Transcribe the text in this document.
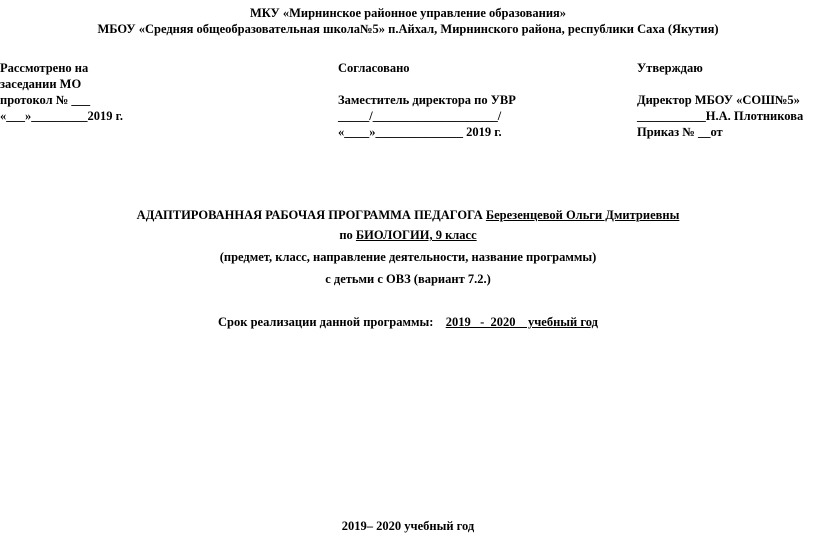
МКУ «Мирнинское районное управление образования»
МБОУ «Средняя общеобразовательная школа№5» п.Айхал, Мирнинского района, республики Саха (Якутия)
Рассмотрено на
заседании МО
протокол № ___
«___»_________2019 г.
Согласовано
Заместитель директора по УВР
_____/____________________/
«____»______________ 2019 г.
Утверждаю
Директор МБОУ «СОШ№5»
___________Н.А. Плотникова
Приказ № __от
АДАПТИРОВАННАЯ РАБОЧАЯ ПРОГРАММА ПЕДАГОГА Березенцевой Ольги Дмитриевны
по БИОЛОГИИ, 9 класс
(предмет, класс, направление деятельности, название программы)
с детьми с ОВЗ (вариант 7.2.)
Срок реализации данной программы: 2019   -  2020    учебный год
2019– 2020 учебный год
